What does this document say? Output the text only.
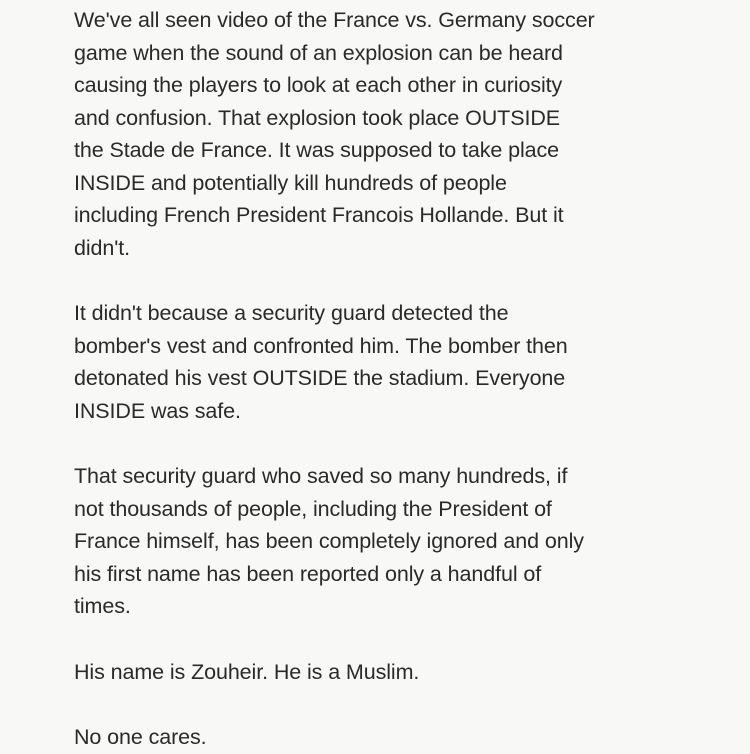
We've all seen video of the France vs. Germany soccer
game when the sound of an explosion can be heard
causing the players to look at each other in curiosity
and confusion. That explosion took place OUTSIDE
the Stade de France. It was supposed to take place
INSIDE and potentially kill hundreds of people
including French President Francois Hollande. But it
didn't.

It didn't because a security guard detected the
bomber's vest and confronted him. The bomber then
detonated his vest OUTSIDE the stadium. Everyone
INSIDE was safe.

That security guard who saved so many hundreds, if
not thousands of people, including the President of
France himself, has been completely ignored and only
his first name has been reported only a handful of
times.

His name is Zouheir. He is a Muslim.

No one cares.
